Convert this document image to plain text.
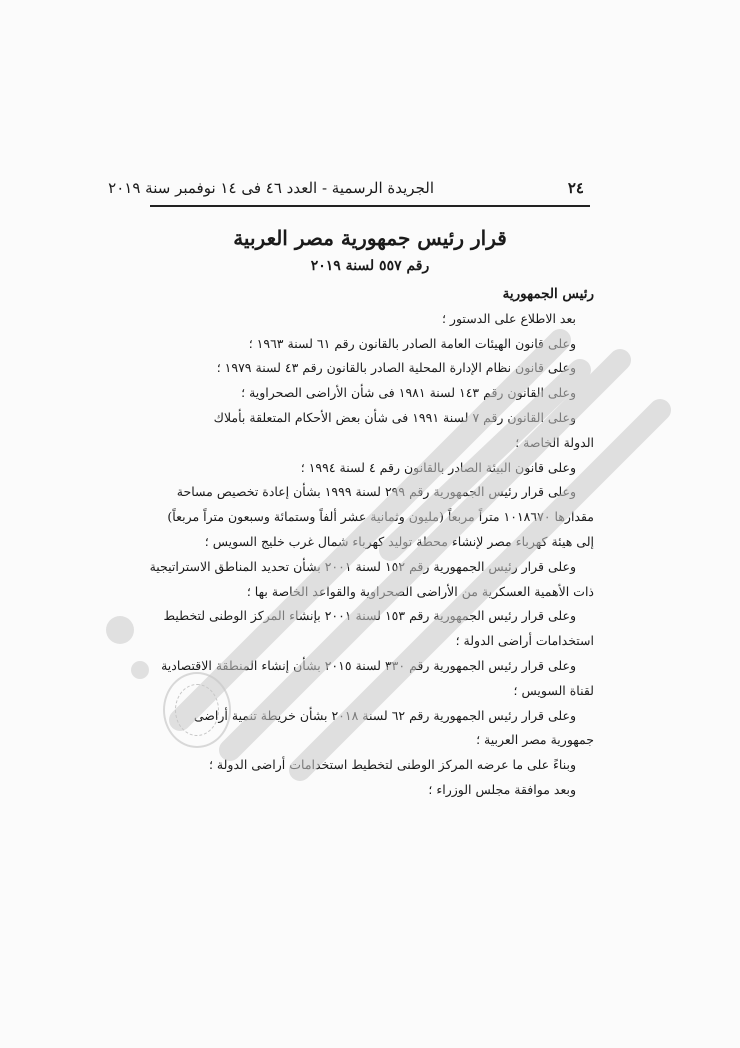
٢٤
الجريدة الرسمية - العدد ٤٦ فى ١٤ نوفمبر سنة ٢٠١٩
قرار رئيس جمهورية مصر العربية
رقم ٥٥٧ لسنة ٢٠١٩

رئيس الجمهورية

بعد الاطلاع على الدستور ؛

وعلى قانون الهيئات العامة الصادر بالقانون رقم ٦١ لسنة ١٩٦٣ ؛

وعلى قانون نظام الإدارة المحلية الصادر بالقانون رقم ٤٣ لسنة ١٩٧٩ ؛

وعلى القانون رقم ١٤٣ لسنة ١٩٨١ فى شأن الأراضى الصحراوية ؛

وعلى القانون رقم ٧ لسنة ١٩٩١ فى شأن بعض الأحكام المتعلقة بأملاك

الدولة الخاصة ؛

وعلى قانون البيئة الصادر بالقانون رقم ٤ لسنة ١٩٩٤ ؛

وعلى قرار رئيس الجمهورية رقم ٢٩٩ لسنة ١٩٩٩ بشأن إعادة تخصيص مساحة

مقدارها ١٠١٨٦٧٠ متراً مربعاً (مليون وثمانية عشر ألفاً وستمائة وسبعون متراً مربعاً)

إلى هيئة كهرباء مصر لإنشاء محطة توليد كهرباء شمال غرب خليج السويس ؛

وعلى قرار رئيس الجمهورية رقم ١٥٢ لسنة ٢٠٠١ بشأن تحديد المناطق الاستراتيجية

ذات الأهمية العسكرية من الأراضى الصحراوية والقواعد الخاصة بها ؛

وعلى قرار رئيس الجمهورية رقم ١٥٣ لسنة ٢٠٠١ بإنشاء المركز الوطنى لتخطيط

استخدامات أراضى الدولة ؛

وعلى قرار رئيس الجمهورية رقم ٣٣٠ لسنة ٢٠١٥ بشأن إنشاء المنطقة الاقتصادية

لقناة السويس ؛

وعلى قرار رئيس الجمهورية رقم ٦٢ لسنة ٢٠١٨ بشأن خريطة تنمية أراضى

جمهورية مصر العربية ؛

وبناءً على ما عرضه المركز الوطنى لتخطيط استخدامات أراضى الدولة ؛

وبعد موافقة مجلس الوزراء ؛
